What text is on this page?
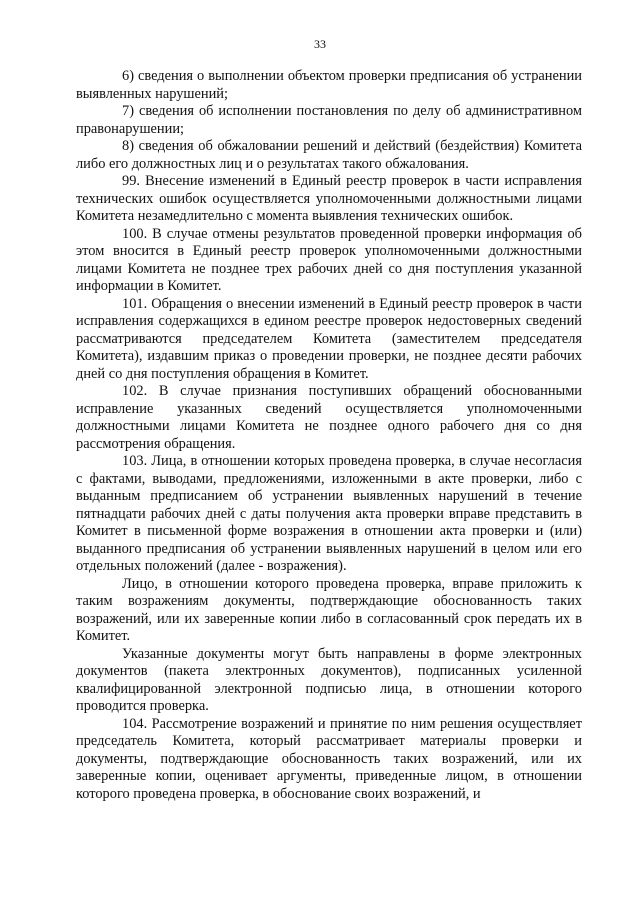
33

6) сведения о выполнении объектом проверки предписания об устранении выявленных нарушений;

7) сведения об исполнении постановления по делу об административном правонарушении;

8) сведения об обжаловании решений и действий (бездействия) Комитета либо его должностных лиц и о результатах такого обжалования.

99. Внесение изменений в Единый реестр проверок в части исправления технических ошибок осуществляется уполномоченными должностными лицами Комитета незамедлительно с момента выявления технических ошибок.

100. В случае отмены результатов проведенной проверки информация об этом вносится в Единый реестр проверок уполномоченными должностными лицами Комитета не позднее трех рабочих дней со дня поступления указанной информации в Комитет.

101. Обращения о внесении изменений в Единый реестр проверок в части исправления содержащихся в едином реестре проверок недостоверных сведений рассматриваются председателем Комитета (заместителем председателя Комитета), издавшим приказ о проведении проверки, не позднее десяти рабочих дней со дня поступления обращения в Комитет.

102. В случае признания поступивших обращений обоснованными исправление указанных сведений осуществляется уполномоченными должностными лицами Комитета не позднее одного рабочего дня со дня рассмотрения обращения.

103. Лица, в отношении которых проведена проверка, в случае несогласия с фактами, выводами, предложениями, изложенными в акте проверки, либо с выданным предписанием об устранении выявленных нарушений в течение пятнадцати рабочих дней с даты получения акта проверки вправе представить в Комитет в письменной форме возражения в отношении акта проверки и (или) выданного предписания об устранении выявленных нарушений в целом или его отдельных положений (далее - возражения).

Лицо, в отношении которого проведена проверка, вправе приложить к таким возражениям документы, подтверждающие обоснованность таких возражений, или их заверенные копии либо в согласованный срок передать их в Комитет.

Указанные документы могут быть направлены в форме электронных документов (пакета электронных документов), подписанных усиленной квалифицированной электронной подписью лица, в отношении которого проводится проверка.

104. Рассмотрение возражений и принятие по ним решения осуществляет председатель Комитета, который рассматривает материалы проверки и документы, подтверждающие обоснованность таких возражений, или их заверенные копии, оценивает аргументы, приведенные лицом, в отношении которого проведена проверка, в обоснование своих возражений, и
